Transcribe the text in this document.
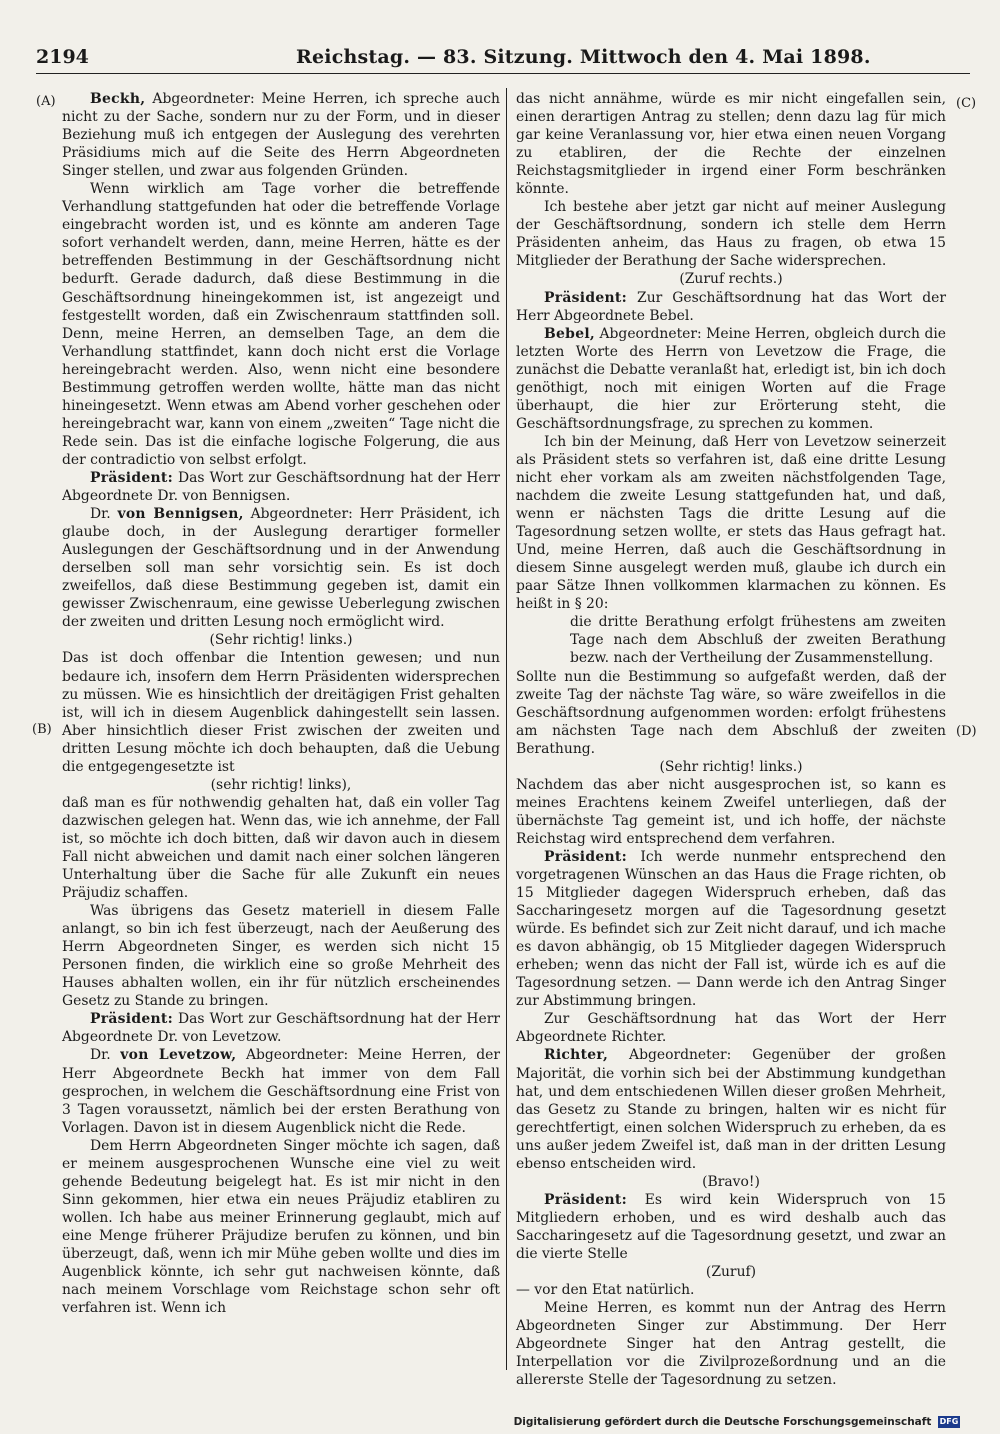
2194	Reichstag. — 83. Sitzung. Mittwoch den 4. Mai 1898.
(A)
(B)
(C)
(D)

Beckh, Abgeordneter: Meine Herren, ich spreche auch nicht zu der Sache, sondern nur zu der Form, und in dieser Beziehung muß ich entgegen der Auslegung des verehrten Präsidiums mich auf die Seite des Herrn Abgeordneten Singer stellen, und zwar aus folgenden Gründen.

Wenn wirklich am Tage vorher die betreffende Verhandlung stattgefunden hat oder die betreffende Vorlage eingebracht worden ist, und es könnte am anderen Tage sofort verhandelt werden, dann, meine Herren, hätte es der betreffenden Bestimmung in der Geschäftsordnung nicht bedurft. Gerade dadurch, daß diese Bestimmung in die Geschäftsordnung hineingekommen ist, ist angezeigt und festgestellt worden, daß ein Zwischenraum stattfinden soll. Denn, meine Herren, an demselben Tage, an dem die Verhandlung stattfindet, kann doch nicht erst die Vorlage hereingebracht werden. Also, wenn nicht eine besondere Bestimmung getroffen werden wollte, hätte man das nicht hineingesetzt. Wenn etwas am Abend vorher geschehen oder hereingebracht war, kann von einem „zweiten“ Tage nicht die Rede sein. Das ist die einfache logische Folgerung, die aus der contradictio von selbst erfolgt.

Präsident: Das Wort zur Geschäftsordnung hat der Herr Abgeordnete Dr. von Bennigsen.

Dr. von Bennigsen, Abgeordneter: Herr Präsident, ich glaube doch, in der Auslegung derartiger formeller Auslegungen der Geschäftsordnung und in der Anwendung derselben soll man sehr vorsichtig sein. Es ist doch zweifellos, daß diese Bestimmung gegeben ist, damit ein gewisser Zwischenraum, eine gewisse Ueberlegung zwischen der zweiten und dritten Lesung noch ermöglicht wird.

(Sehr richtig! links.)

Das ist doch offenbar die Intention gewesen; und nun bedaure ich, insofern dem Herrn Präsidenten widersprechen zu müssen. Wie es hinsichtlich der dreitägigen Frist gehalten ist, will ich in diesem Augenblick dahingestellt sein lassen. Aber hinsichtlich dieser Frist zwischen der zweiten und dritten Lesung möchte ich doch behaupten, daß die Uebung die entgegengesetzte ist

(sehr richtig! links),

daß man es für nothwendig gehalten hat, daß ein voller Tag dazwischen gelegen hat. Wenn das, wie ich annehme, der Fall ist, so möchte ich doch bitten, daß wir davon auch in diesem Fall nicht abweichen und damit nach einer solchen längeren Unterhaltung über die Sache für alle Zukunft ein neues Präjudiz schaffen.

Was übrigens das Gesetz materiell in diesem Falle anlangt, so bin ich fest überzeugt, nach der Aeußerung des Herrn Abgeordneten Singer, es werden sich nicht 15 Personen finden, die wirklich eine so große Mehrheit des Hauses abhalten wollen, ein ihr für nützlich erscheinendes Gesetz zu Stande zu bringen.

Präsident: Das Wort zur Geschäftsordnung hat der Herr Abgeordnete Dr. von Levetzow.

Dr. von Levetzow, Abgeordneter: Meine Herren, der Herr Abgeordnete Beckh hat immer von dem Fall gesprochen, in welchem die Geschäftsordnung eine Frist von 3 Tagen voraussetzt, nämlich bei der ersten Berathung von Vorlagen. Davon ist in diesem Augenblick nicht die Rede.

Dem Herrn Abgeordneten Singer möchte ich sagen, daß er meinem ausgesprochenen Wunsche eine viel zu weit gehende Bedeutung beigelegt hat. Es ist mir nicht in den Sinn gekommen, hier etwa ein neues Präjudiz etabliren zu wollen. Ich habe aus meiner Erinnerung geglaubt, mich auf eine Menge früherer Präjudize berufen zu können, und bin überzeugt, daß, wenn ich mir Mühe geben wollte und dies im Augenblick könnte, ich sehr gut nachweisen könnte, daß nach meinem Vorschlage vom Reichstage schon sehr oft verfahren ist. Wenn ich

das nicht annähme, würde es mir nicht eingefallen sein, einen derartigen Antrag zu stellen; denn dazu lag für mich gar keine Veranlassung vor, hier etwa einen neuen Vorgang zu etabliren, der die Rechte der einzelnen Reichstagsmitglieder in irgend einer Form beschränken könnte.

Ich bestehe aber jetzt gar nicht auf meiner Auslegung der Geschäftsordnung, sondern ich stelle dem Herrn Präsidenten anheim, das Haus zu fragen, ob etwa 15 Mitglieder der Berathung der Sache widersprechen.

(Zuruf rechts.)

Präsident: Zur Geschäftsordnung hat das Wort der Herr Abgeordnete Bebel.

Bebel, Abgeordneter: Meine Herren, obgleich durch die letzten Worte des Herrn von Levetzow die Frage, die zunächst die Debatte veranlaßt hat, erledigt ist, bin ich doch genöthigt, noch mit einigen Worten auf die Frage überhaupt, die hier zur Erörterung steht, die Geschäftsordnungsfrage, zu sprechen zu kommen.

Ich bin der Meinung, daß Herr von Levetzow seinerzeit als Präsident stets so verfahren ist, daß eine dritte Lesung nicht eher vorkam als am zweiten nächstfolgenden Tage, nachdem die zweite Lesung stattgefunden hat, und daß, wenn er nächsten Tags die dritte Lesung auf die Tagesordnung setzen wollte, er stets das Haus gefragt hat. Und, meine Herren, daß auch die Geschäftsordnung in diesem Sinne ausgelegt werden muß, glaube ich durch ein paar Sätze Ihnen vollkommen klarmachen zu können. Es heißt in § 20:

die dritte Berathung erfolgt frühestens am zweiten Tage nach dem Abschluß der zweiten Berathung bezw. nach der Vertheilung der Zusammenstellung.

Sollte nun die Bestimmung so aufgefaßt werden, daß der zweite Tag der nächste Tag wäre, so wäre zweifellos in die Geschäftsordnung aufgenommen worden: erfolgt frühestens am nächsten Tage nach dem Abschluß der zweiten Berathung.

(Sehr richtig! links.)

Nachdem das aber nicht ausgesprochen ist, so kann es meines Erachtens keinem Zweifel unterliegen, daß der übernächste Tag gemeint ist, und ich hoffe, der nächste Reichstag wird entsprechend dem verfahren.

Präsident: Ich werde nunmehr entsprechend den vorgetragenen Wünschen an das Haus die Frage richten, ob 15 Mitglieder dagegen Widerspruch erheben, daß das Saccharingesetz morgen auf die Tagesordnung gesetzt würde. Es befindet sich zur Zeit nicht darauf, und ich mache es davon abhängig, ob 15 Mitglieder dagegen Widerspruch erheben; wenn das nicht der Fall ist, würde ich es auf die Tagesordnung setzen. — Dann werde ich den Antrag Singer zur Abstimmung bringen.

Zur Geschäftsordnung hat das Wort der Herr Abgeordnete Richter.

Richter, Abgeordneter: Gegenüber der großen Majorität, die vorhin sich bei der Abstimmung kundgethan hat, und dem entschiedenen Willen dieser großen Mehrheit, das Gesetz zu Stande zu bringen, halten wir es nicht für gerechtfertigt, einen solchen Widerspruch zu erheben, da es uns außer jedem Zweifel ist, daß man in der dritten Lesung ebenso entscheiden wird.

(Bravo!)

Präsident: Es wird kein Widerspruch von 15 Mitgliedern erhoben, und es wird deshalb auch das Saccharingesetz auf die Tagesordnung gesetzt, und zwar an die vierte Stelle

(Zuruf)

— vor den Etat natürlich.

Meine Herren, es kommt nun der Antrag des Herrn Abgeordneten Singer zur Abstimmung. Der Herr Abgeordnete Singer hat den Antrag gestellt, die Interpellation vor die Zivilprozeßordnung und an die allererste Stelle der Tagesordnung zu setzen.

Digitalisierung gefördert durch die Deutsche Forschungsgemeinschaft DFG
